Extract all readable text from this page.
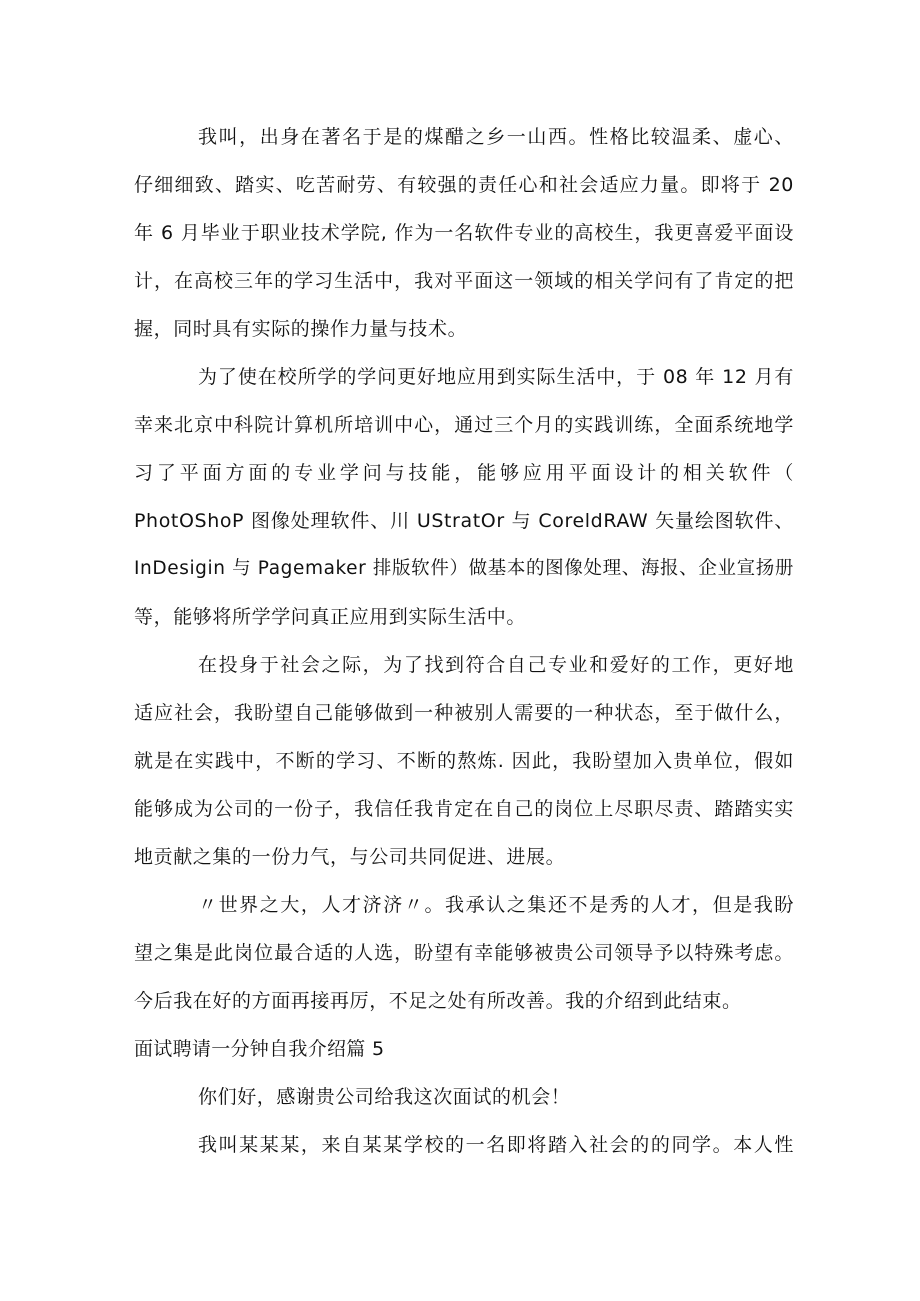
我叫，出身在著名于是的煤醋之乡一山西。性格比较温柔、虚心、
仔细细致、踏实、吃苦耐劳、有较强的责任心和社会适应力量。即将于 20
年 6 月毕业于职业技术学院, 作为一名软件专业的高校生，我更喜爱平面设
计，在高校三年的学习生活中，我对平面这一领域的相关学问有了肯定的把
握，同时具有实际的操作力量与技术。
为了使在校所学的学问更好地应用到实际生活中，于 08 年 12 月有
幸来北京中科院计算机所培训中心，通过三个月的实践训练，全面系统地学
习了平面方面的专业学问与技能，能够应用平面设计的相关软件（
PhotOShoP 图像处理软件、川 UStratOr 与 CoreldRAW 矢量绘图软件、
InDesigin 与 Pagemaker 排版软件）做基本的图像处理、海报、企业宣扬册
等，能够将所学学问真正应用到实际生活中。
在投身于社会之际，为了找到符合自己专业和爱好的工作，更好地
适应社会，我盼望自己能够做到一种被别人需要的一种状态，至于做什么，
就是在实践中，不断的学习、不断的熬炼. 因此，我盼望加入贵单位，假如
能够成为公司的一份子，我信任我肯定在自己的岗位上尽职尽责、踏踏实实
地贡献之集的一份力气，与公司共同促进、进展。
〃世界之大，人才济济〃。我承认之集还不是秀的人才，但是我盼
望之集是此岗位最合适的人选，盼望有幸能够被贵公司领导予以特殊考虑。
今后我在好的方面再接再厉，不足之处有所改善。我的介绍到此结束。
面试聘请一分钟自我介绍篇 5
你们好，感谢贵公司给我这次面试的机会！
我叫某某某，来自某某学校的一名即将踏入社会的的同学。本人性
